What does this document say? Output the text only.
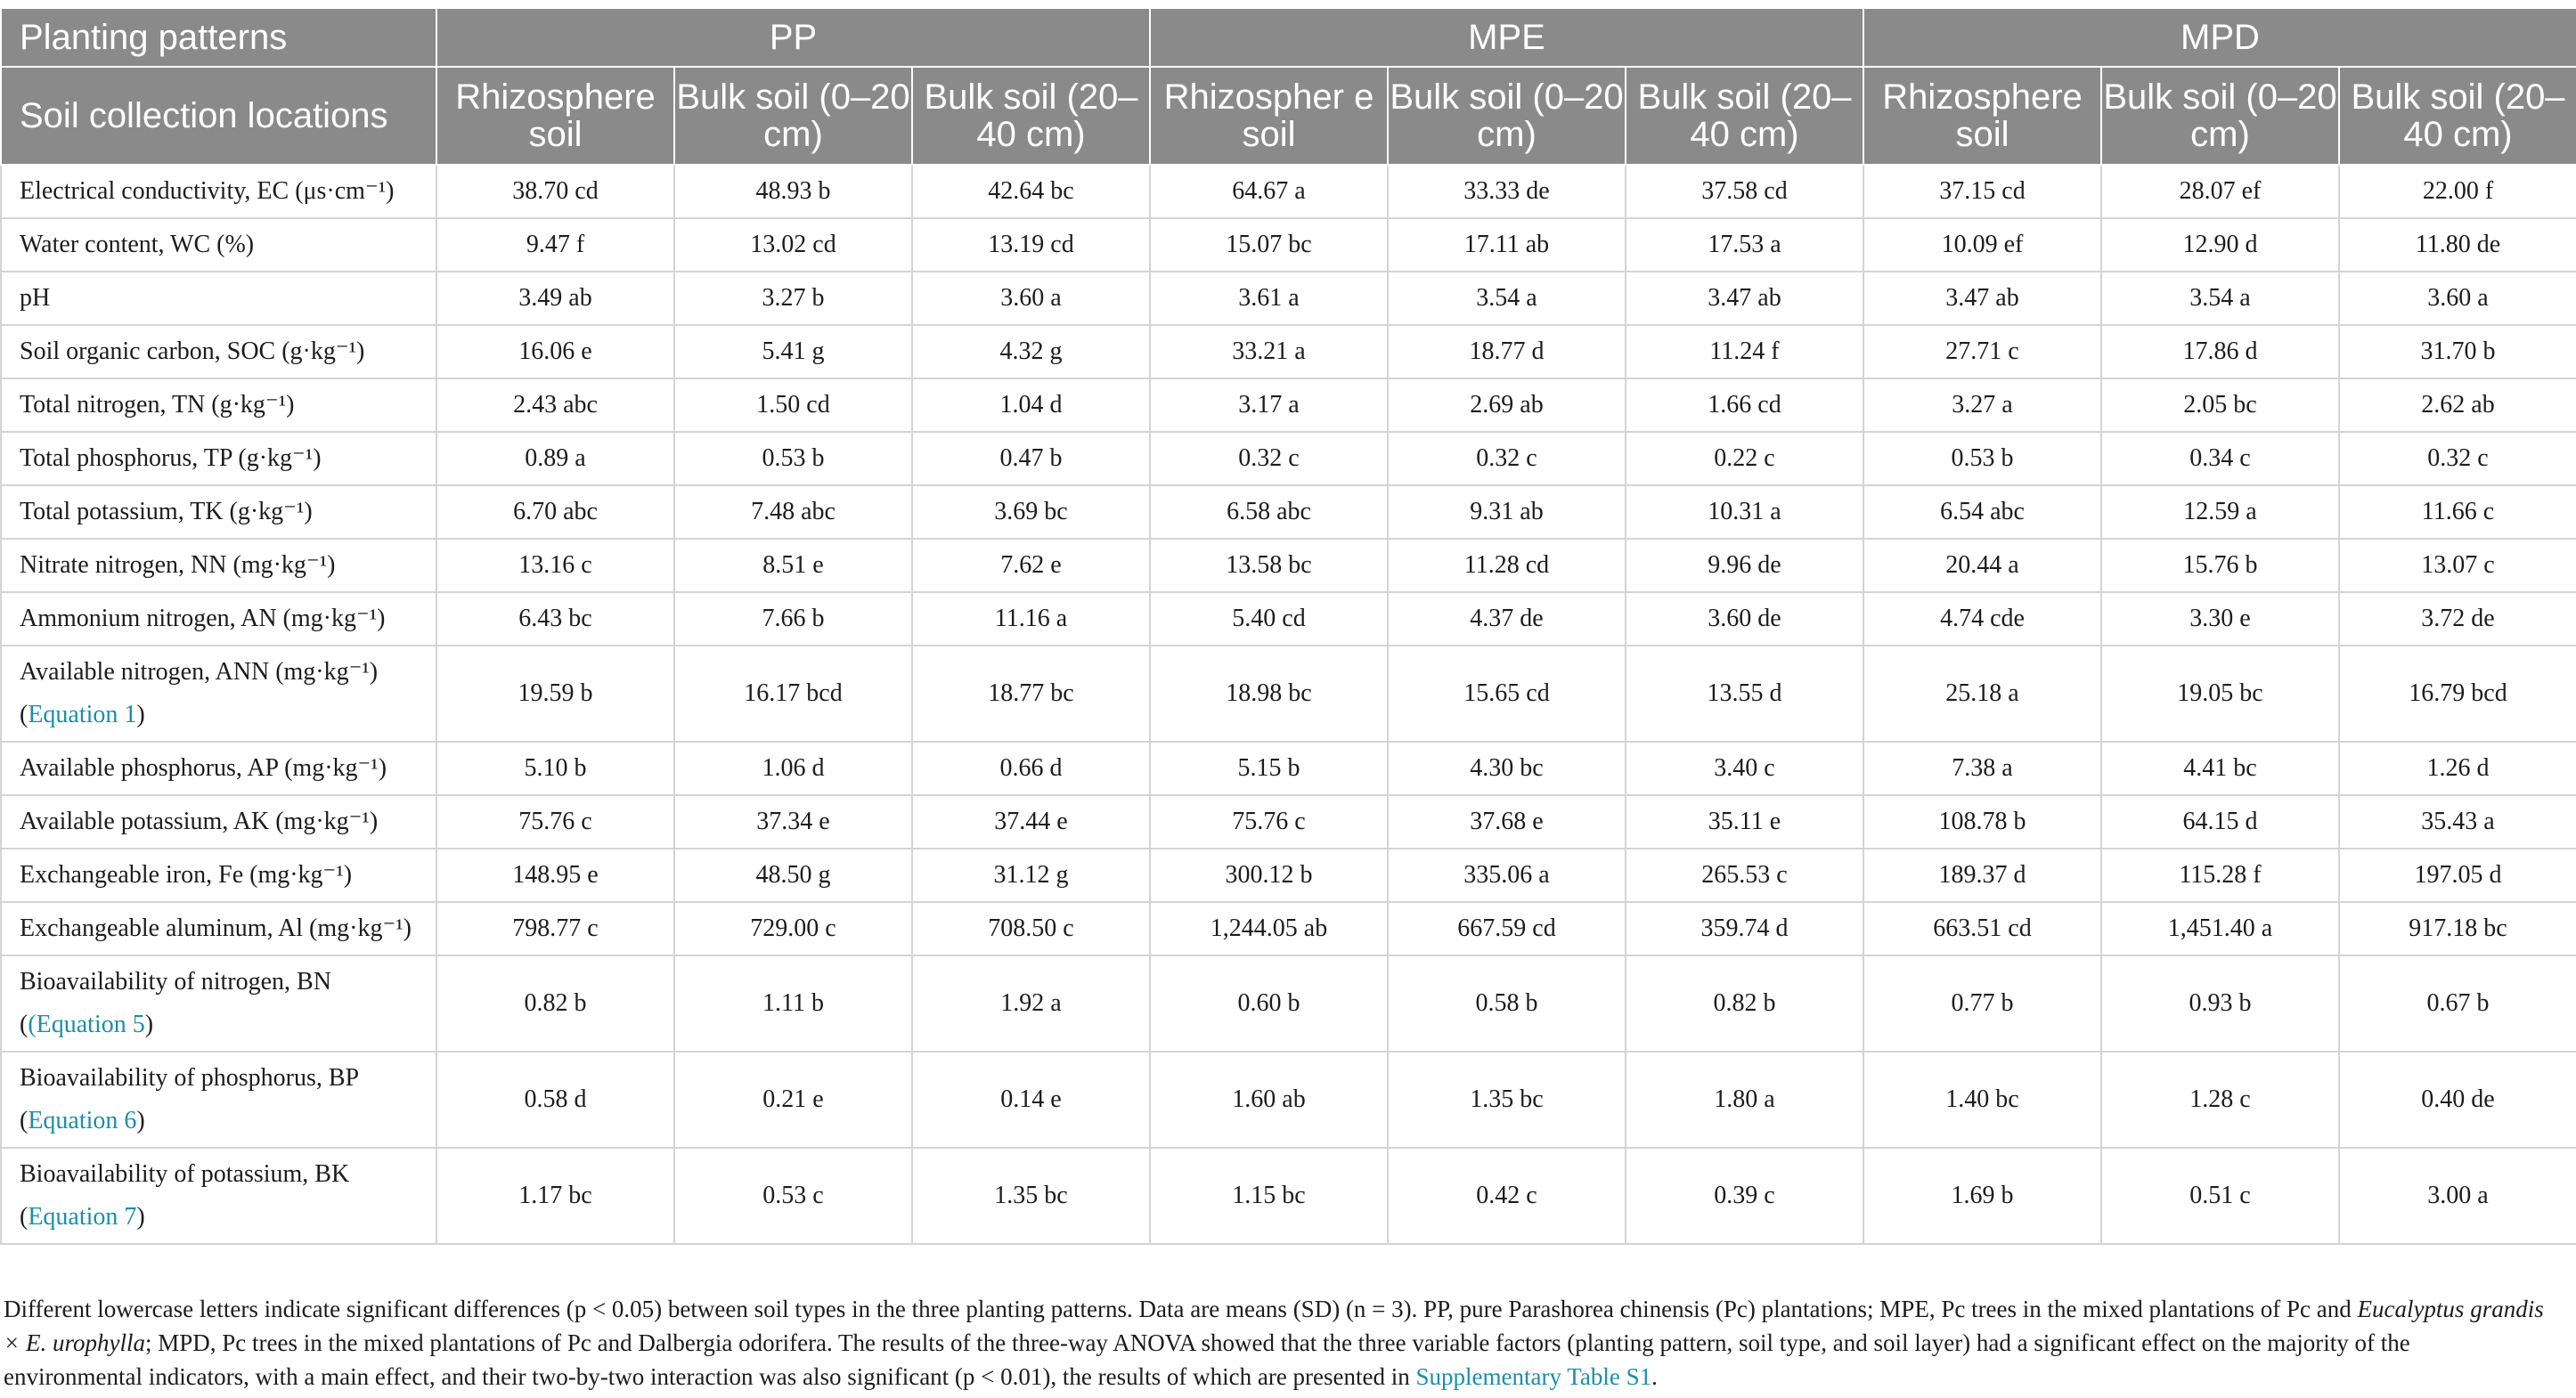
Planting patterns	PP			MPE			MPD		
Soil collection locations	Rhizosphere soil	Bulk soil (0–20 cm)	Bulk soil (20–40 cm)	Rhizospher e soil	Bulk soil (0–20 cm)	Bulk soil (20–40 cm)	Rhizosphere soil	Bulk soil (0–20 cm)	Bulk soil (20–40 cm)
Electrical conductivity, EC (μs·cm⁻¹)	38.70 cd	48.93 b	42.64 bc	64.67 a	33.33 de	37.58 cd	37.15 cd	28.07 ef	22.00 f
Water content, WC (%)	9.47 f	13.02 cd	13.19 cd	15.07 bc	17.11 ab	17.53 a	10.09 ef	12.90 d	11.80 de
pH	3.49 ab	3.27 b	3.60 a	3.61 a	3.54 a	3.47 ab	3.47 ab	3.54 a	3.60 a
Soil organic carbon, SOC (g·kg⁻¹)	16.06 e	5.41 g	4.32 g	33.21 a	18.77 d	11.24 f	27.71 c	17.86 d	31.70 b
Total nitrogen, TN (g·kg⁻¹)	2.43 abc	1.50 cd	1.04 d	3.17 a	2.69 ab	1.66 cd	3.27 a	2.05 bc	2.62 ab
Total phosphorus, TP (g·kg⁻¹)	0.89 a	0.53 b	0.47 b	0.32 c	0.32 c	0.22 c	0.53 b	0.34 c	0.32 c
Total potassium, TK (g·kg⁻¹)	6.70 abc	7.48 abc	3.69 bc	6.58 abc	9.31 ab	10.31 a	6.54 abc	12.59 a	11.66 c
Nitrate nitrogen, NN (mg·kg⁻¹)	13.16 c	8.51 e	7.62 e	13.58 bc	11.28 cd	9.96 de	20.44 a	15.76 b	13.07 c
Ammonium nitrogen, AN (mg·kg⁻¹)	6.43 bc	7.66 b	11.16 a	5.40 cd	4.37 de	3.60 de	4.74 cde	3.30 e	3.72 de
Available nitrogen, ANN (mg·kg⁻¹)
(Equation 1)	19.59 b	16.17 bcd	18.77 bc	18.98 bc	15.65 cd	13.55 d	25.18 a	19.05 bc	16.79 bcd
Available phosphorus, AP (mg·kg⁻¹)	5.10 b	1.06 d	0.66 d	5.15 b	4.30 bc	3.40 c	7.38 a	4.41 bc	1.26 d
Available potassium, AK (mg·kg⁻¹)	75.76 c	37.34 e	37.44 e	75.76 c	37.68 e	35.11 e	108.78 b	64.15 d	35.43 a
Exchangeable iron, Fe (mg·kg⁻¹)	148.95 e	48.50 g	31.12 g	300.12 b	335.06 a	265.53 c	189.37 d	115.28 f	197.05 d
Exchangeable aluminum, Al (mg·kg⁻¹)	798.77 c	729.00 c	708.50 c	1,244.05 ab	667.59 cd	359.74 d	663.51 cd	1,451.40 a	917.18 bc
Bioavailability of nitrogen, BN
((Equation 5)	0.82 b	1.11 b	1.92 a	0.60 b	0.58 b	0.82 b	0.77 b	0.93 b	0.67 b
Bioavailability of phosphorus, BP
(Equation 6)	0.58 d	0.21 e	0.14 e	1.60 ab	1.35 bc	1.80 a	1.40 bc	1.28 c	0.40 de
Bioavailability of potassium, BK
(Equation 7)	1.17 bc	0.53 c	1.35 bc	1.15 bc	0.42 c	0.39 c	1.69 b	0.51 c	3.00 a
Different lowercase letters indicate significant differences (p < 0.05) between soil types in the three planting patterns. Data are means (SD) (n = 3). PP, pure Parashorea chinensis (Pc) plantations; MPE, Pc trees in the mixed plantations of Pc and Eucalyptus grandis × E. urophylla; MPD, Pc trees in the mixed plantations of Pc and Dalbergia odorifera. The results of the three-way ANOVA showed that the three variable factors (planting pattern, soil type, and soil layer) had a significant effect on the majority of the environmental indicators, with a main effect, and their two-by-two interaction was also significant (p < 0.01), the results of which are presented in Supplementary Table S1.
